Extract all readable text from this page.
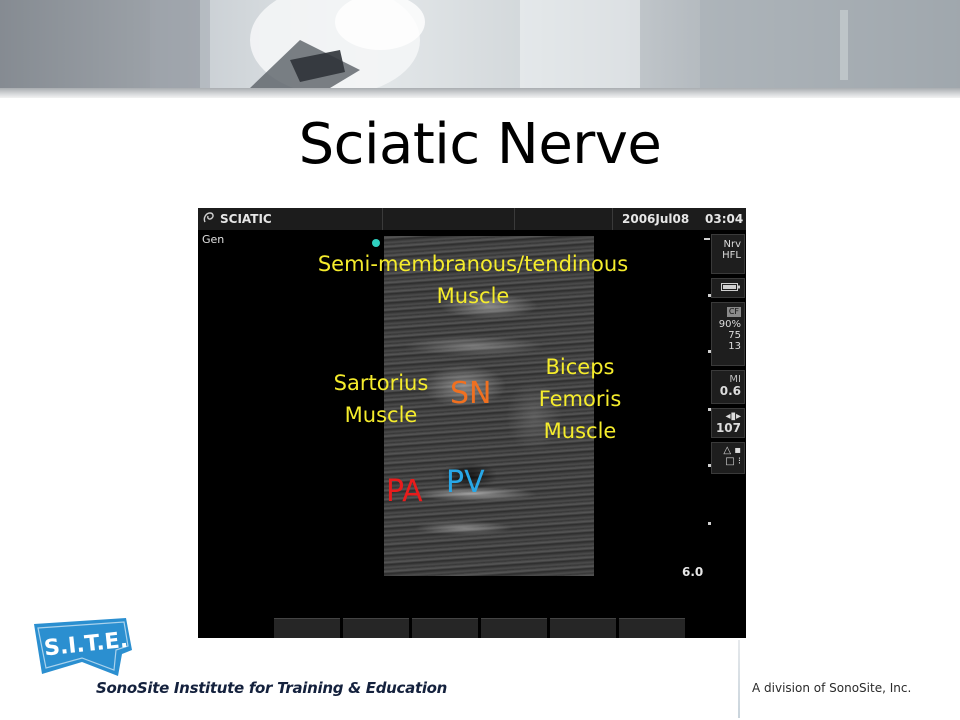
Sciatic Nerve
SCIATIC	2006Jul08 03:04
Gen
6.0
Nrv
HFL
CF
90%
75
13
MI
0.6
◂▮▸
107
△ ▪
□ ⁝
Semi-membranous/tendinous
Muscle
Sartorius
Muscle
Biceps
Femoris
Muscle
SN
PV
PA
S.I.T.E.
SonoSite Institute for Training & Education	A division of SonoSite, Inc.
